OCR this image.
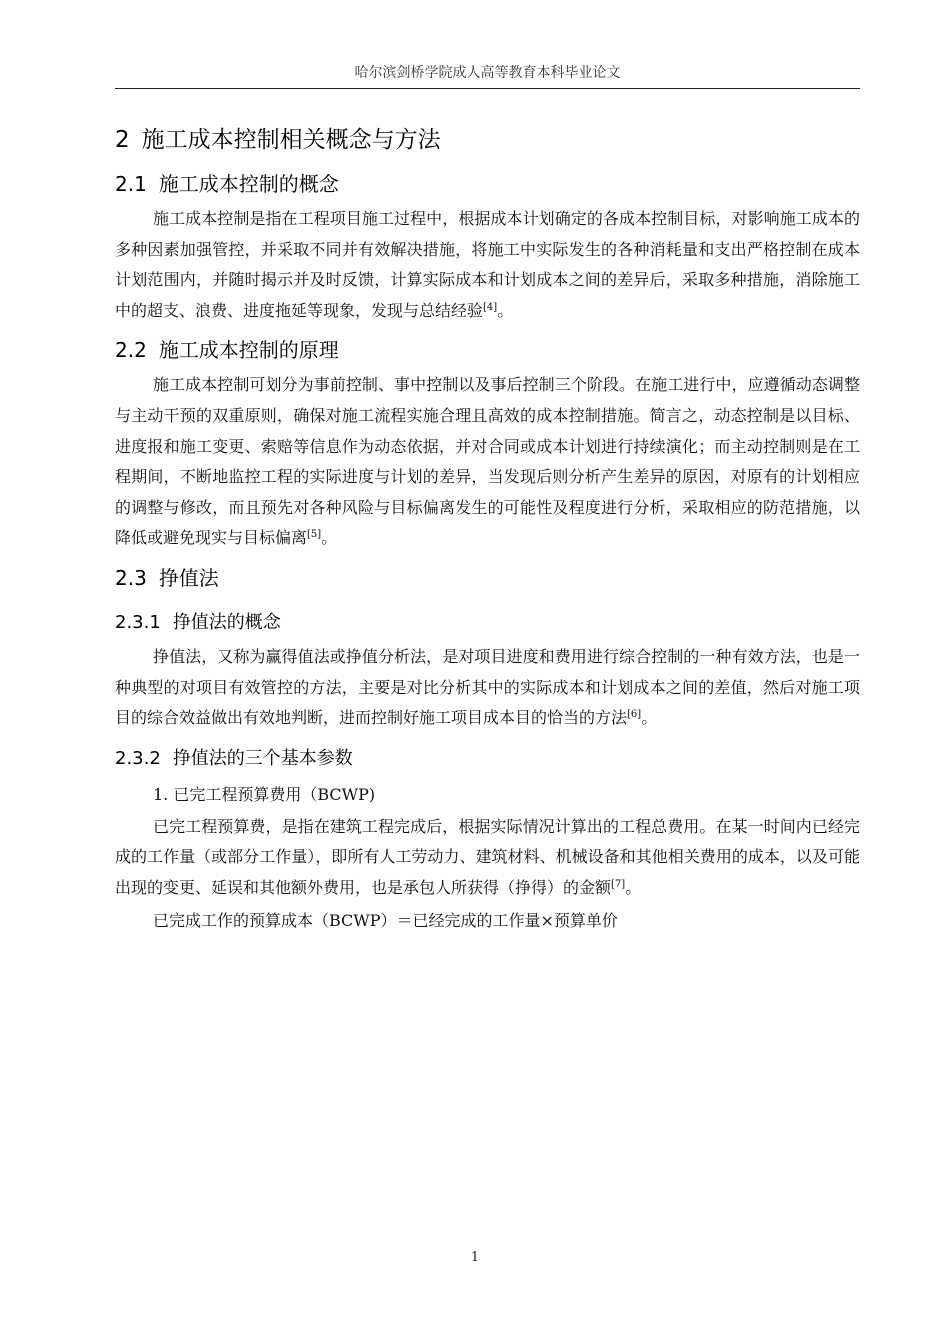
哈尔滨剑桥学院成人高等教育本科毕业论文
2 施工成本控制相关概念与方法
2.1 施工成本控制的概念

施工成本控制是指在工程项目施工过程中，根据成本计划确定的各成本控制目标，对影响施工成本的多种因素加强管控，并采取不同并有效解决措施，将施工中实际发生的各种消耗量和支出严格控制在成本计划范围内，并随时揭示并及时反馈，计算实际成本和计划成本之间的差异后，采取多种措施，消除施工中的超支、浪费、进度拖延等现象，发现与总结经验[4]。

2.2 施工成本控制的原理

施工成本控制可划分为事前控制、事中控制以及事后控制三个阶段。在施工进行中，应遵循动态调整与主动干预的双重原则，确保对施工流程实施合理且高效的成本控制措施。简言之，动态控制是以目标、进度报和施工变更、索赔等信息作为动态依据，并对合同或成本计划进行持续演化；而主动控制则是在工程期间，不断地监控工程的实际进度与计划的差异，当发现后则分析产生差异的原因，对原有的计划相应的调整与修改，而且预先对各种风险与目标偏离发生的可能性及程度进行分析，采取相应的防范措施，以降低或避免现实与目标偏离[5]。

2.3 挣值法
2.3.1 挣值法的概念

挣值法，又称为赢得值法或挣值分析法，是对项目进度和费用进行综合控制的一种有效方法，也是一种典型的对项目有效管控的方法，主要是对比分析其中的实际成本和计划成本之间的差值，然后对施工项目的综合效益做出有效地判断，进而控制好施工项目成本目的恰当的方法[6]。

2.3.2 挣值法的三个基本参数

1. 已完工程预算费用（BCWP)

已完工程预算费，是指在建筑工程完成后，根据实际情况计算出的工程总费用。在某一时间内已经完成的工作量（或部分工作量），即所有人工劳动力、建筑材料、机械设备和其他相关费用的成本，以及可能出现的变更、延误和其他额外费用，也是承包人所获得（挣得）的金额[7]。

已完成工作的预算成本（BCWP）＝已经完成的工作量×预算单价

1
